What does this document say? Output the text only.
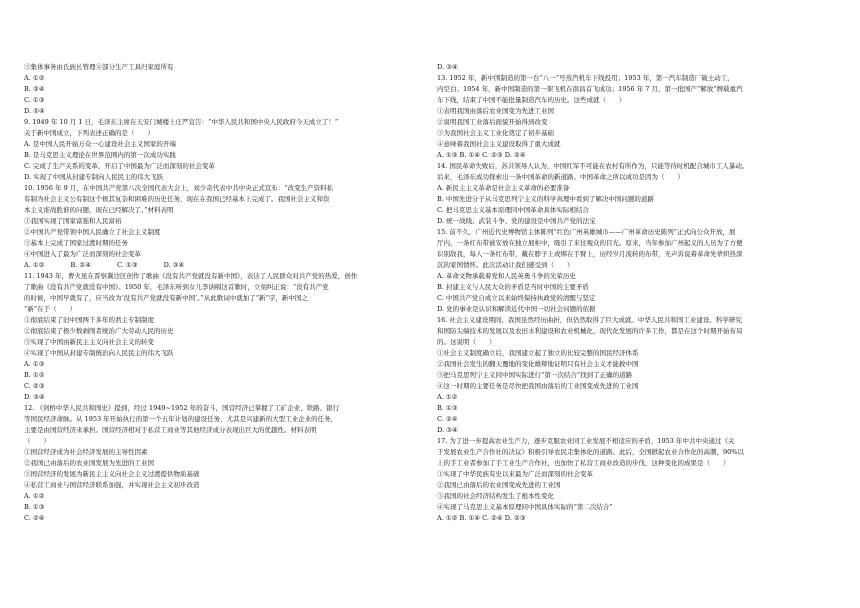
③集体事务由氏族长管理④部分生产工具归家庭所有
A. ①②
B. ③④
C. ①③
D. ②④
9. 1949 年 10 月 1 日，毛泽东主席在天安门城楼上庄严宣告：“中华人民共和国中央人民政府今天成立了！”
关于新中国成立，下列表述正确的是（　　）
A. 是中国人民开始万众一心建设社会主义国家的开端
B. 是马克思主义理论在世界范围内的第一次成功实践
C. 完成了生产关系的变革，开启了中国最为广泛而深刻的社会变革
D. 实现了中国从封建专制向人民民主的伟大飞跃
10. 1956 年 9 月，在中国共产党第八次全国代表大会上，刘少奇代表中共中央正式宣布：“改变生产资料私
有制为社会主义公有制这个极其复杂和困难的历史任务，现在在我国已经基本上完成了。我国社会主义和资
本主义谁战胜谁的问题，现在已经解决了。”材料表明
①我国实现了国家富强和人民富裕
②中国共产党带领中国人民确立了社会主义制度
③基本上完成了国家过渡时期的任务
④中国进入了最为广泛而深刻的社会变革
A. ①②　　　　B. ②④　　　　C. ①③　　　　D. ③④
11. 1943 年，曹火星在晋察冀边区创作了歌曲《没有共产党就没有新中国》，表达了人民群众对共产党的热爱，创作
了歌曲《没有共产党就没有中国》。1950 年，毛泽东听到女儿李讷唱这首歌时，立刻纠正说：“没有共产党
的时候，中国早就有了，应当改为‘没有共产党就没有新中国’。”从此歌词中就加了“新”字，新中国之
“新”在于（　　）
①彻底结束了旧中国两千多年的君主专制制度
②彻底结束了极少数剥削者统治广大劳动人民的历史
③实现了中国由新民主主义向社会主义的转变
④实现了中国从封建专制统治向人民民主的伟大飞跃
A. ①③
B. ①②
C. ②③
D. ③④
12. 《剑桥中华人民共和国史》提到，经过 1949~1952 年的奋斗，国营经济已掌握了工矿企业、铁路、银行
等国民经济命脉。从 1953 年开始执行的第一个五年计划的建设任务，尤其是兴建新的大型工业企业的任务，
主要是由国营经济来承担。国营经济相对于私营工商业等其他经济成分表现出巨大的优越性。材料表明
（　　）
①国营经济成为社会经济发展的主导性因素
②我国已由落后的农业国发展为先进的工业国
③国营经济的发展为新民主主义向社会主义过渡提供物质基础
④私营工商业与国营经济联系加强，并实现社会主义初步改造
A. ①②
B. ①③
C. ②④
D. ③④
13. 1952 年，新中国制造的第一台“八一”号蒸汽机车下线投用；1953 年，第一汽车制造厂破土动工，
内空白；1954 年，新中国制造的第一架飞机在南昌首飞成功；1956 年 7 月，第一批国产“解放”牌载重汽
车下线，结束了中国不能批量制造汽车的历史。这些成就（　　）
①表明我国由落后农业国变为先进工业国
②说明我国工业落后面貌开始得到改变
③为我国社会主义工业化奠定了初步基础
④意味着我国社会主义建设取得了重大成就
A. ①③ B. ①④ C. ②③ D. ②④
14. 国民革命失败后，苏共领导人认为，中国红军不可能在农村有所作为，只能等待时机配合城市工人暴动。
后来，毛泽东成功探索出一条中国革命的新道路。中国革命之所以成功是因为（　　）
A. 新民主主义革命是社会主义革命的必要准备
B. 中国先进分子从马克思列宁主义的科学真理中看到了解决中国问题的道路
C. 把马克思主义基本原理同中国革命具体实际相结合
D. 统一战线、武装斗争、党的建设是中国共产党的法宝
15. 前不久，广州近代史博物馆主体陈列“红色广州英雄城市——广州革命历史陈列”正式向公众开放，展
厅内，一条红布带被安放在独立展柜中，吸引了来往观众的目光。原来，当年参加广州起义的人员为了方便
识别敌我，每人一条红布带，戴在脖子上或绑在手臂上，历经岁月流转的布带，无声诉说着革命先辈炽热深
沉的家国情怀。此次活动让我们感受到（　　）
A. 革命文物承载着党和人民英勇斗争的光荣历史
B. 封建主义与人民大众的矛盾是当时中国的主要矛盾
C. 中国共产党自成立以来始终保持执政党的清醒与坚定
D. 党的事业是认识和解读近代中国一切社会问题的依据
16. 社会主义建设期间，我国虽然经历曲折，但仍然取得了巨大成就。中华人民共和国工业建设、科学研究
和国防尖端技术的发展以及农田水利建设和农业机械化、现代化发展的许多工作，都是在这个时期开始布局
的。这说明（　　）
①社会主义制度确立后，我国建立起了独立的比较完整的国民经济体系
②我国社会发生的翻天覆地的变化雄辩地证明只有社会主义才能救中国
③把马克思列宁主义同中国实际进行“第一次结合”找到了正确的道路
④这一时期的主要任务是尽快把我国由落后的工业国变成先进的工业国
A. ①②
B. ①③
C. ②④
D. ③④
17. 为了进一步提高农业生产力，逐步克服农业同工业发展不相适应的矛盾，1953 年中共中央通过《关
于发展农业生产合作社的决议》积极引导农民走集体化的道路。此后，全国掀起农业合作化的高潮，90%以
上的手工业者参加了手工业生产合作社，也加快了私营工商业改造的步伐，这种变化的成果是（　　）
①实现了中华民族有史以来最为广泛而深刻的社会变革
②我国已由落后的农业国变成先进的工业国
③我国的社会经济结构发生了根本性变化
④实现了马克思主义基本原理同中国具体实际的“第二次结合”
A. ①② B. ①④ C. ②④ D. ②③
